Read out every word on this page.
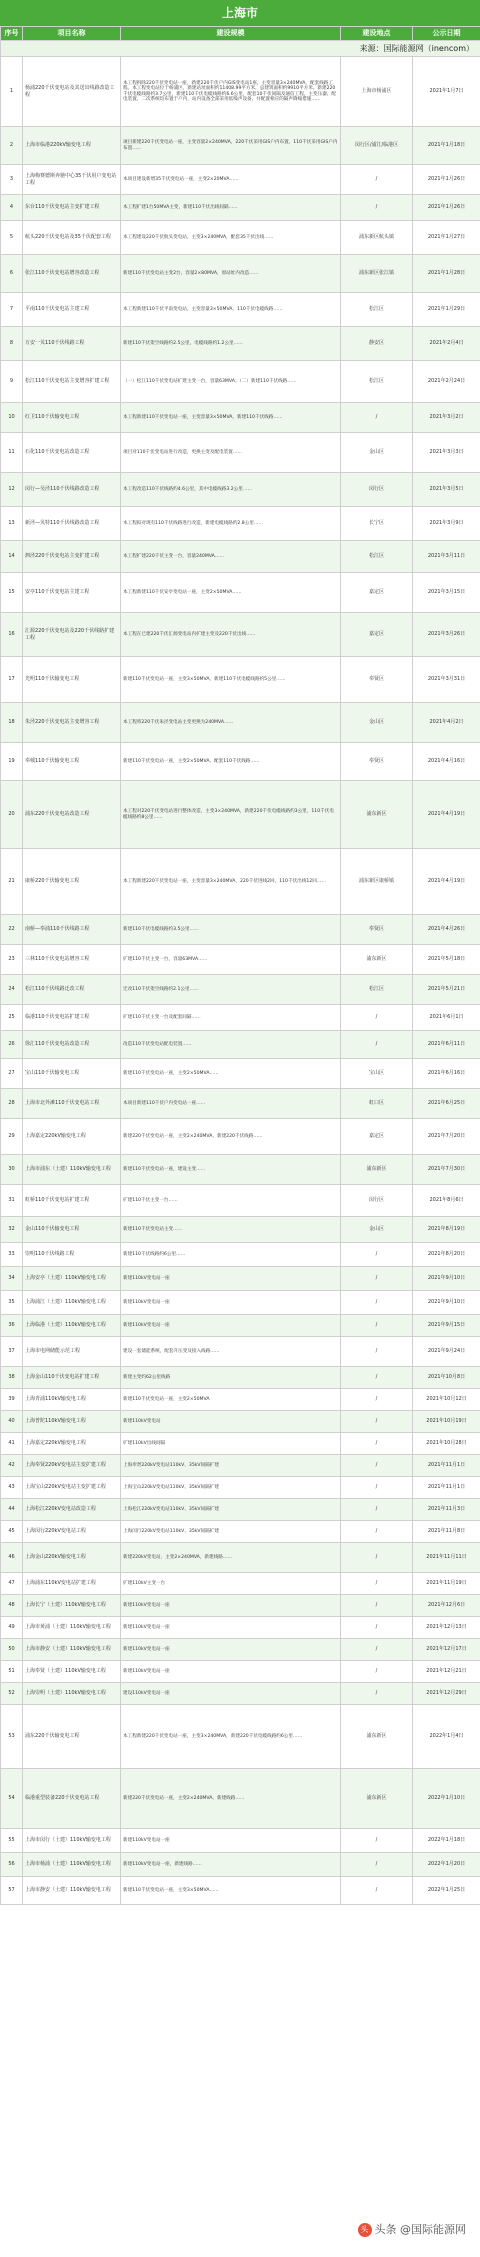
上海市
序号	项目名称	建设规模	建设地点	公示日期
来源：国际能源网（inencom）				
1	杨浦220千伏变电站及其送出线路改造工程	本工程拆除220千伏变电站一座，新建220千伏户内GIS变电站1座，主变容量3×240MVA，配套线路工程。本工程变电站位于杨浦区，新建站址面积约11408.99平方米，总建筑面积约9910平方米。新建220千伏电缆线路约3.7公里，新建110千伏电缆线路约6.6公里，配套10千伏间隔及通信工程，主变压器、配电装置、二次系统均布置于户内，站内设备全部采用低噪声设备，并配置相应的隔声降噪措施……	上海市杨浦区	2021年1月7日
2	上海市临港220kV输变电工程	项目新建220千伏变电站一座，主变容量2×240MVA，220千伏采用GIS户内布置，110千伏采用GIS户内布置……	闵行区/浦江/临港区	2021年1月18日
3	上海梅赛德斯奔驰中心35千伏用户变电站工程	本项目建设新增35千伏变电站一座，主变2×20MVA……	/	2021年1月26日
4	东台110千伏变电站主变扩建工程	本工程扩建1台50MVA主变，新建110千伏出线间隔……	/	2021年1月26日
5	航头220千伏变电站及35千伏配套工程	本工程建设220千伏航头变电站，主变3×240MVA，配套35千伏出线……	浦东新区航头镇	2021年1月27日
6	张江110千伏变电站增容改造工程	新建110千伏变电站主变2台，容量2×80MVA，原站址内改造……	浦东新区张江镇	2021年1月28日
7	平南110千伏变电站主建工程	本工程新建110千伏平南变电站，主变容量3×50MVA，110千伏电缆线路……	松江区	2021年1月29日
8	万安一贝110千伏线路工程	新建110千伏架空线路约2.5公里，电缆线路约1.2公里……	静安区	2021年2月4日
9	松江110千伏变电站主变增容扩建工程	（一）松江110千伏变电站扩建主变一台，容量63MVA；（二）新建110千伏线路……	松江区	2021年2月24日
10	红卫110千伏输变电工程	本工程新建110千伏变电站一座，主变容量3×50MVA，新建110千伏线路……	/	2021年3月2日
11	石化110千伏变电站改造工程	项目对110千伏变电站进行改造，更换主变及配电装置……	金山区	2021年3月3日
12	闵行—吴泾110千伏线路改造工程	本工程改造110千伏线路约4.6公里，其中电缆线路3.2公里……	闵行区	2021年3月5日
13	新泾—贝特110千伏线路改造工程	本工程拟对现有110千伏线路进行改造，新建电缆线路约2.8公里……	长宁区	2021年3月9日
14	泗泾220千伏变电站主变扩建工程	本工程扩建220千伏主变一台，容量240MVA……	松江区	2021年3月11日
15	安亭110千伏变电站主建工程	本工程新建110千伏安亭变电站一座，主变2×50MVA……	嘉定区	2021年3月15日
16	汇源220千伏变电站及220千伏线路扩建工程	本工程在已建220千伏汇源变电站内扩建主变及220千伏出线……	嘉定区	2021年3月26日
17	光明110千伏输变电工程	新建110千伏变电站一座，主变3×50MVA，新建110千伏电缆线路约5公里……	奉贤区	2021年3月31日
18	朱泾220千伏变电站主变增容工程	本工程将220千伏朱泾变电站主变更换为240MVA……	金山区	2021年4月2日
19	奉城110千伏输变电工程	新建110千伏变电站一座，主变2×50MVA，配套110千伏线路……	奉贤区	2021年4月16日
20	浦东220千伏变电站改造工程	本工程对220千伏变电站进行整体改造，主变3×240MVA，新建220千伏电缆线路约3公里，110千伏电缆线路约8公里……	浦东新区	2021年4月19日
21	康桥220千伏输变电工程	本工程新建220千伏变电站一座，主变容量3×240MVA，220千伏进线2回，110千伏出线12回……	浦东新区康桥镇	2021年4月19日
22	南桥—奉浦110千伏线路工程	新建110千伏电缆线路约3.5公里……	奉贤区	2021年4月26日
23	三林110千伏变电站增容工程	扩建110千伏主变一台，容量63MVA……	浦东新区	2021年5月18日
24	松江110千伏线路迁改工程	迁改110千伏架空线路约2.1公里……	松江区	2021年5月21日
25	临港110千伏变电站扩建工程	扩建110千伏主变一台及配套间隔……	/	2021年6月1日
26	徐汇110千伏变电站改造工程	改造110千伏变电站配电装置……	/	2021年6月11日
27	宝山110千伏输变电工程	新建110千伏变电站一座，主变2×50MVA……	宝山区	2021年6月16日
28	上海市北外滩110千伏变电站工程	本项目新建110千伏户内变电站一座……	虹口区	2021年6月25日
29	上海嘉定220kV输变电工程	新建220千伏变电站一座，主变2×240MVA，新建220千伏线路……	嘉定区	2021年7月20日
30	上海市浦东（土建）110kV输变电工程	新建110千伏变电站一座，建设主变……	浦东新区	2021年7月30日
31	虹桥110千伏变电站扩建工程	扩建110千伏主变一台……	闵行区	2021年8月6日
32	金山110千伏输变电工程	新建110千伏变电站主变……	金山区	2021年8月19日
33	崇明110千伏线路工程	新建110千伏线路约6公里……	/	2021年8月20日
34	上海安亭（土建）110kV输变电工程	新建110kV变电站一座	/	2021年9月10日
35	上海浦江（土建）110kV输变电工程	新建110kV变电站一座	/	2021年9月10日
36	上海临港（土建）110kV输变电工程	新建110kV变电站一座	/	2021年9月15日
37	上海市电网储能示范工程	建设一套储能系统，配套升压变及接入线路……	/	2021年9月24日
38	上海金山110千伏变电站扩建工程	新建主变约62公里线路	/	2021年10月8日
39	上海青浦110kV输变电工程	新建110千伏变电站一座，主变2×50MVA	/	2021年10月12日
40	上海普陀110kV输变电工程	新建110kV变电站	/	2021年10月19日
41	上海嘉定220kV输变电工程	扩建110kV出线间隔	/	2021年10月28日
42	上海奉贤220kV变电站主变扩建工程	上海奉贤220kV变电站110kV、35kV间隔扩建	/	2021年11月1日
43	上海宝山220kV变电站主变扩建工程	上海宝山220kV变电站110kV、35kV间隔扩建	/	2021年11月1日
44	上海松江220kV变电站改造工程	上海松江220kV变电站110kV、35kV间隔扩建	/	2021年11月3日
45	上海闵行220kV变电站工程	上海闵行220kV变电站110kV、35kV间隔扩建	/	2021年11月8日
46	上海金山220kV输变电工程	新建220kV变电站，主变2×240MVA，新建线路……	/	2021年11月11日
47	上海浦东110kV变电站扩建工程	扩建110kV主变一台	/	2021年11月19日
48	上海长宁（土建）110kV输变电工程	新建110kV变电站一座	/	2021年12月6日
49	上海市黄浦（土建）110kV输变电工程	新建110kV变电站一座	/	2021年12月13日
50	上海市静安（土建）110kV输变电工程	新建110kV变电站一座	/	2021年12月17日
51	上海奉贤（土建）110kV输变电工程	新建110kV变电站一座	/	2021年12月21日
52	上海崇明（土建）110kV输变电工程	建设110kV变电站一座	/	2021年12月29日
53	浦东220千伏输变电工程	本工程新建220千伏变电站一座，主变3×240MVA，新建220千伏电缆线路约6公里……	浦东新区	2022年1月4日
54	临港重型装备220千伏变电站工程	新建220千伏变电站一座，主变2×240MVA，新建线路……	浦东新区	2022年1月10日
55	上海市闵行（土建）110kV输变电工程	新建110kV变电站一座	/	2022年1月18日
56	上海市杨浦（土建）110kV输变电工程	新建110kV变电站一座，新建线路……	/	2022年1月20日
57	上海市静安（土建）110kV输变电工程	新建110千伏变电站一座，主变3×50MVA……	/	2022年1月25日
头 头条 @国际能源网
